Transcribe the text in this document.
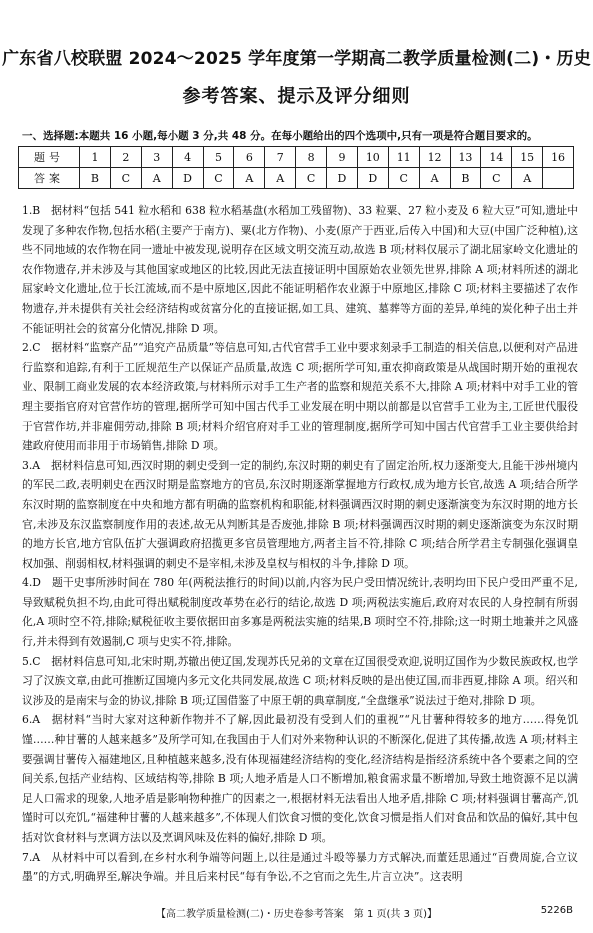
广东省八校联盟 2024～2025 学年度第一学期高二教学质量检测(二)・历史
参考答案、提示及评分细则
一、选择题:本题共 16 小题,每小题 3 分,共 48 分。在每小题给出的四个选项中,只有一项是符合题目要求的。
题号	1	2	3	4	5	6	7	8	9	10	11	12	13	14	15	16
答案	B	C	A	D	C	A	A	C	D	D	C	A	B	C	A	

1.B　据材料“包括 541 粒水稻和 638 粒水稻基盘(水稻加工残留物)、33 粒粟、27 粒小麦及 6 粒大豆”可知,遗址中发现了多种农作物,包括水稻(主要产于南方)、粟(北方作物)、小麦(原产于西亚,后传入中国)和大豆(中国广泛种植),这些不同地域的农作物在同一遗址中被发现,说明存在区域文明交流互动,故选 B 项;材料仅展示了湖北屈家岭文化遗址的农作物遗存,并未涉及与其他国家或地区的比较,因此无法直接证明中国原始农业领先世界,排除 A 项;材料所述的湖北屈家岭文化遗址,位于长江流域,而不是中原地区,因此不能证明稻作农业源于中原地区,排除 C 项;材料主要描述了农作物遗存,并未提供有关社会经济结构或贫富分化的直接证据,如工具、建筑、墓葬等方面的差异,单纯的炭化种子出土并不能证明社会的贫富分化情况,排除 D 项。

2.C　据材料“监察产品”“追究产品质量”等信息可知,古代官营手工业中要求刻录手工制造的相关信息,以便利对产品进行监察和追踪,有利于工匠规范生产以保证产品质量,故选 C 项;据所学可知,重农抑商政策是从战国时期开始的重视农业、限制工商业发展的农本经济政策,与材料所示对手工生产者的监察和规范关系不大,排除 A 项;材料中对手工业的管理主要指官府对官营作坊的管理,据所学可知中国古代手工业发展在明中期以前都是以官营手工业为主,工匠世代服役于官营作坊,并非雇佣劳动,排除 B 项;材料介绍官府对手工业的管理制度,据所学可知中国古代官营手工业主要供给封建政府使用而非用于市场销售,排除 D 项。

3.A　据材料信息可知,西汉时期的刺史受到一定的制约,东汉时期的刺史有了固定治所,权力逐渐变大,且能干涉州境内的军民二政,表明刺史在西汉时期是监察地方的官员,东汉时期逐渐掌握地方行政权,成为地方长官,故选 A 项;结合所学东汉时期的监察制度在中央和地方都有明确的监察机构和职能,材料强调西汉时期的刺史逐渐演变为东汉时期的地方长官,未涉及东汉监察制度作用的表述,故无从判断其是否废弛,排除 B 项;材料强调西汉时期的刺史逐渐演变为东汉时期的地方长官,地方官队伍扩大强调政府招揽更多官员管理地方,两者主旨不符,排除 C 项;结合所学君主专制强化强调皇权加强、削弱相权,材料强调的刺史不是宰相,未涉及皇权与相权的斗争,排除 D 项。

4.D　题干史事所涉时间在 780 年(两税法推行的时间)以前,内容为民户受田情况统计,表明均田下民户受田严重不足,导致赋税负担不均,由此可得出赋税制度改革势在必行的结论,故选 D 项;两税法实施后,政府对农民的人身控制有所弱化,A 项时空不符,排除;赋税征收主要依据田亩多寡是两税法实施的结果,B 项时空不符,排除;这一时期土地兼并之风盛行,并未得到有效遏制,C 项与史实不符,排除。

5.C　据材料信息可知,北宋时期,苏辙出使辽国,发现苏氏兄弟的文章在辽国很受欢迎,说明辽国作为少数民族政权,也学习了汉族文章,由此可推断辽国境内多元文化共同发展,故选 C 项;材料反映的是出使辽国,而非西夏,排除 A 项。绍兴和议涉及的是南宋与金的协议,排除 B 项;辽国借鉴了中原王朝的典章制度,“全盘继承”说法过于绝对,排除 D 项。

6.A　据材料“当时大家对这种新作物并不了解,因此最初没有受到人们的重视”“凡甘薯种得较多的地方……得免饥馑……种甘薯的人越来越多”及所学可知,在我国由于人们对外来物种认识的不断深化,促进了其传播,故选 A 项;材料主要强调甘薯传入福建地区,且种植越来越多,没有体现福建经济结构的变化,经济结构是指经济系统中各个要素之间的空间关系,包括产业结构、区域结构等,排除 B 项;人地矛盾是人口不断增加,粮食需求量不断增加,导致土地资源不足以满足人口需求的现象,人地矛盾是影响物种推广的因素之一,根据材料无法看出人地矛盾,排除 C 项;材料强调甘薯高产,饥馑时可以充饥,“福建种甘薯的人越来越多”,不体现人们饮食习惯的变化,饮食习惯是指人们对食品和饮品的偏好,其中包括对饮食材料与烹调方法以及烹调风味及佐料的偏好,排除 D 项。

7.A　从材料中可以看到,在乡村水利争端等问题上,以往是通过斗殴等暴力方式解决,而董廷思通过“百费周旋,合立议墨”的方式,明确界至,解决争端。并且后来村民“每有争讼,不之官而之先生,片言立决”。这表明

【高二教学质量检测(二)・历史卷参考答案　第 1 页(共 3 页)】	5226B
